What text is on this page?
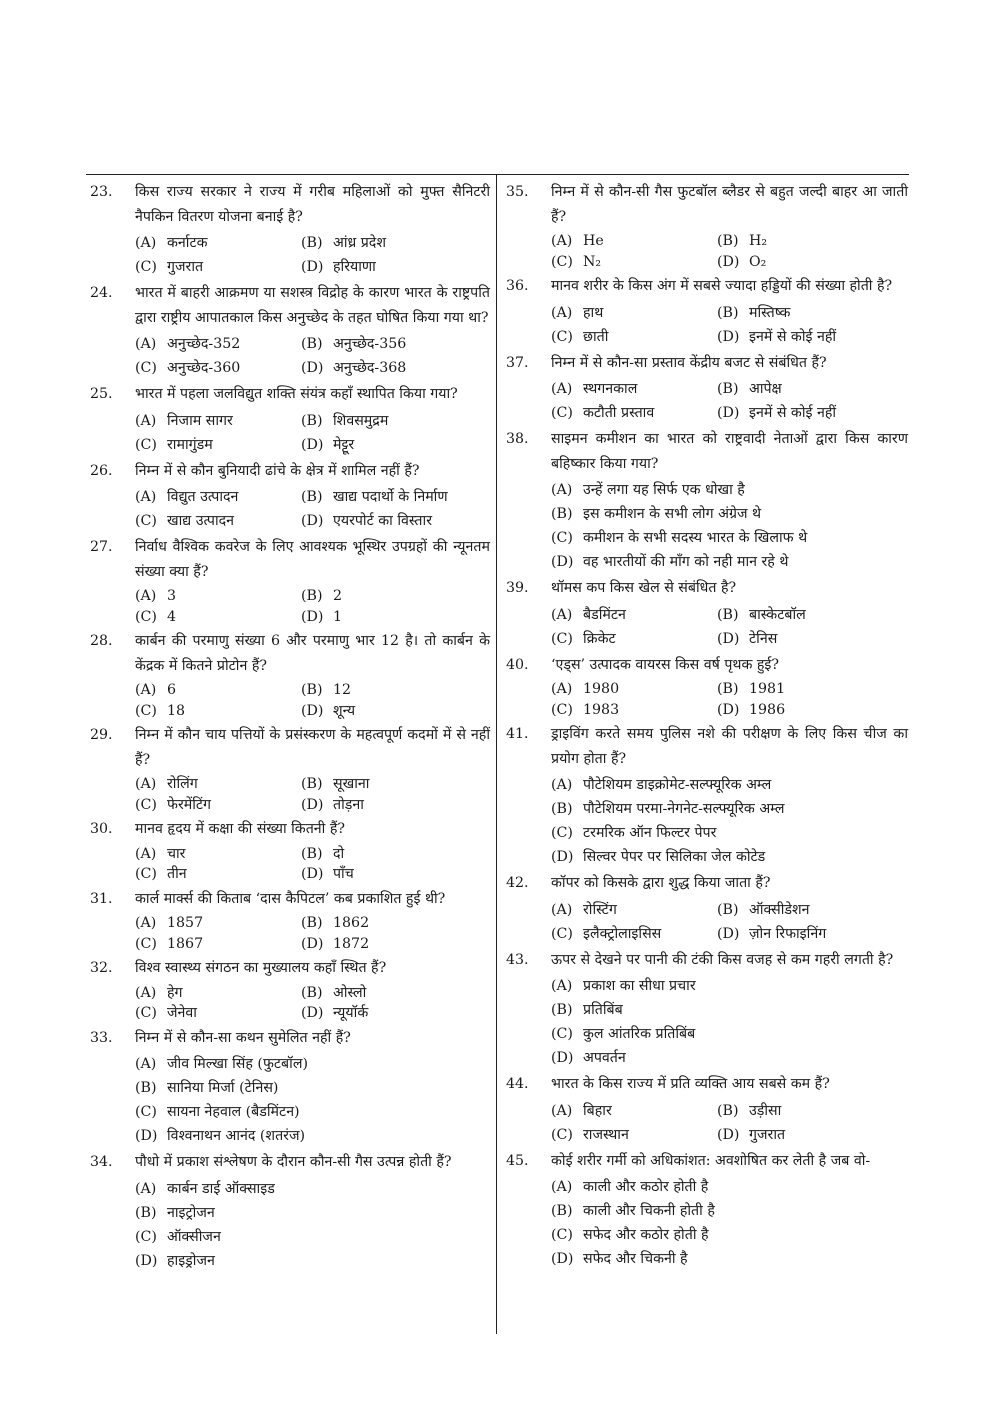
23.	किस राज्य सरकार ने राज्य में गरीब महिलाओं को मुफ्त सैनिटरी नैपकिन वितरण योजना बनाई है?
(A) कर्नाटक	(B) आंध्र प्रदेश
(C) गुजरात	(D) हरियाणा
24.	भारत में बाहरी आक्रमण या सशस्त्र विद्रोह के कारण भारत के राष्ट्रपति द्वारा राष्ट्रीय आपातकाल किस अनुच्छेद के तहत घोषित किया गया था?
(A) अनुच्छेद-352	(B) अनुच्छेद-356
(C) अनुच्छेद-360	(D) अनुच्छेद-368
25.	भारत में पहला जलविद्युत शक्ति संयंत्र कहाँ स्थापित किया गया?
(A) निजाम सागर	(B) शिवसमुद्रम
(C) रामागुंडम	(D) मेट्टूर
26.	निम्न में से कौन बुनियादी ढांचे के क्षेत्र में शामिल नहीं हैं?
(A) विद्युत उत्पादन	(B) खाद्य पदार्थो के निर्माण
(C) खाद्य उत्पादन	(D) एयरपोर्ट का विस्तार
27.	निर्वाध वैश्विक कवरेज के लिए आवश्यक भूस्थिर उपग्रहों की न्यूनतम संख्या क्या हैं?
(A) 3	(B) 2
(C) 4	(D) 1
28.	कार्बन की परमाणु संख्या 6 और परमाणु भार 12 है। तो कार्बन के केंद्रक में कितने प्रोटोन हैं?
(A) 6	(B) 12
(C) 18	(D) शून्य
29.	निम्न में कौन चाय पत्तियों के प्रसंस्करण के महत्वपूर्ण कदमों में से नहीं हैं?
(A) रोलिंग	(B) सूखाना
(C) फेरमेंटिंग	(D) तोड़ना
30.	मानव हृदय में कक्षा की संख्या कितनी हैं?
(A) चार	(B) दो
(C) तीन	(D) पाँच
31.	कार्ल मार्क्स की किताब ‘दास कैपिटल’ कब प्रकाशित हुई थी?
(A) 1857	(B) 1862
(C) 1867	(D) 1872
32.	विश्व स्वास्थ्य संगठन का मुख्यालय कहाँ स्थित हैं?
(A) हेग	(B) ओस्लो
(C) जेनेवा	(D) न्यूयॉर्क
33.	निम्न में से कौन-सा कथन सुमेलित नहीं हैं?
(A) जीव मिल्खा सिंह (फुटबॉल)
(B) सानिया मिर्जा (टेनिस)
(C) सायना नेहवाल (बैडमिंटन)
(D) विश्वनाथन आनंद (शतरंज)
34.	पौधो में प्रकाश संश्लेषण के दौरान कौन-सी गैस उत्पन्न होती हैं?
(A) कार्बन डाई ऑक्साइड
(B) नाइट्रोजन
(C) ऑक्सीजन
(D) हाइड्रोजन
35.	निम्न में से कौन-सी गैस फुटबॉल ब्लैडर से बहुत जल्दी बाहर आ जाती हैं?
(A) He	(B) H₂
(C) N₂	(D) O₂
36.	मानव शरीर के किस अंग में सबसे ज्यादा हड्डियों की संख्या होती है?
(A) हाथ	(B) मस्तिष्क
(C) छाती	(D) इनमें से कोई नहीं
37.	निम्न में से कौन-सा प्रस्ताव केंद्रीय बजट से संबंधित हैं?
(A) स्थगनकाल	(B) आपेक्ष
(C) कटौती प्रस्ताव	(D) इनमें से कोई नहीं
38.	साइमन कमीशन का भारत को राष्ट्रवादी नेताओं द्वारा किस कारण बहिष्कार किया गया?
(A) उन्हें लगा यह सिर्फ एक धोखा है
(B) इस कमीशन के सभी लोग अंग्रेज थे
(C) कमीशन के सभी सदस्य भारत के खिलाफ थे
(D) वह भारतीयों की माँग को नही मान रहे थे
39.	थॉमस कप किस खेल से संबंधित है?
(A) बैडमिंटन	(B) बास्केटबॉल
(C) क्रिकेट	(D) टेनिस
40.	‘एड्स’ उत्पादक वायरस किस वर्ष पृथक हुई?
(A) 1980	(B) 1981
(C) 1983	(D) 1986
41.	ड्राइविंग करते समय पुलिस नशे की परीक्षण के लिए किस चीज का प्रयोग होता हैं?
(A) पौटेशियम डाइक्रोमेट-सल्फ्यूरिक अम्ल
(B) पौटेशियम परमा-नेगनेट-सल्फ्यूरिक अम्ल
(C) टरमरिक ऑन फिल्टर पेपर
(D) सिल्वर पेपर पर सिलिका जेल कोटेड
42.	कॉपर को किसके द्वारा शुद्ध किया जाता हैं?
(A) रोस्टिंग	(B) ऑक्सीडेशन
(C) इलैक्ट्रोलाइसिस	(D) ज़ोन रिफाइनिंग
43.	ऊपर से देखने पर पानी की टंकी किस वजह से कम गहरी लगती है?
(A) प्रकाश का सीधा प्रचार
(B) प्रतिबिंब
(C) कुल आंतरिक प्रतिबिंब
(D) अपवर्तन
44.	भारत के किस राज्य में प्रति व्यक्ति आय सबसे कम हैं?
(A) बिहार	(B) उड़ीसा
(C) राजस्थान	(D) गुजरात
45.	कोई शरीर गर्मी को अधिकांशत: अवशोषित कर लेती है जब वो-
(A) काली और कठोर होती है
(B) काली और चिकनी होती है
(C) सफेद और कठोर होती है
(D) सफेद और चिकनी है
